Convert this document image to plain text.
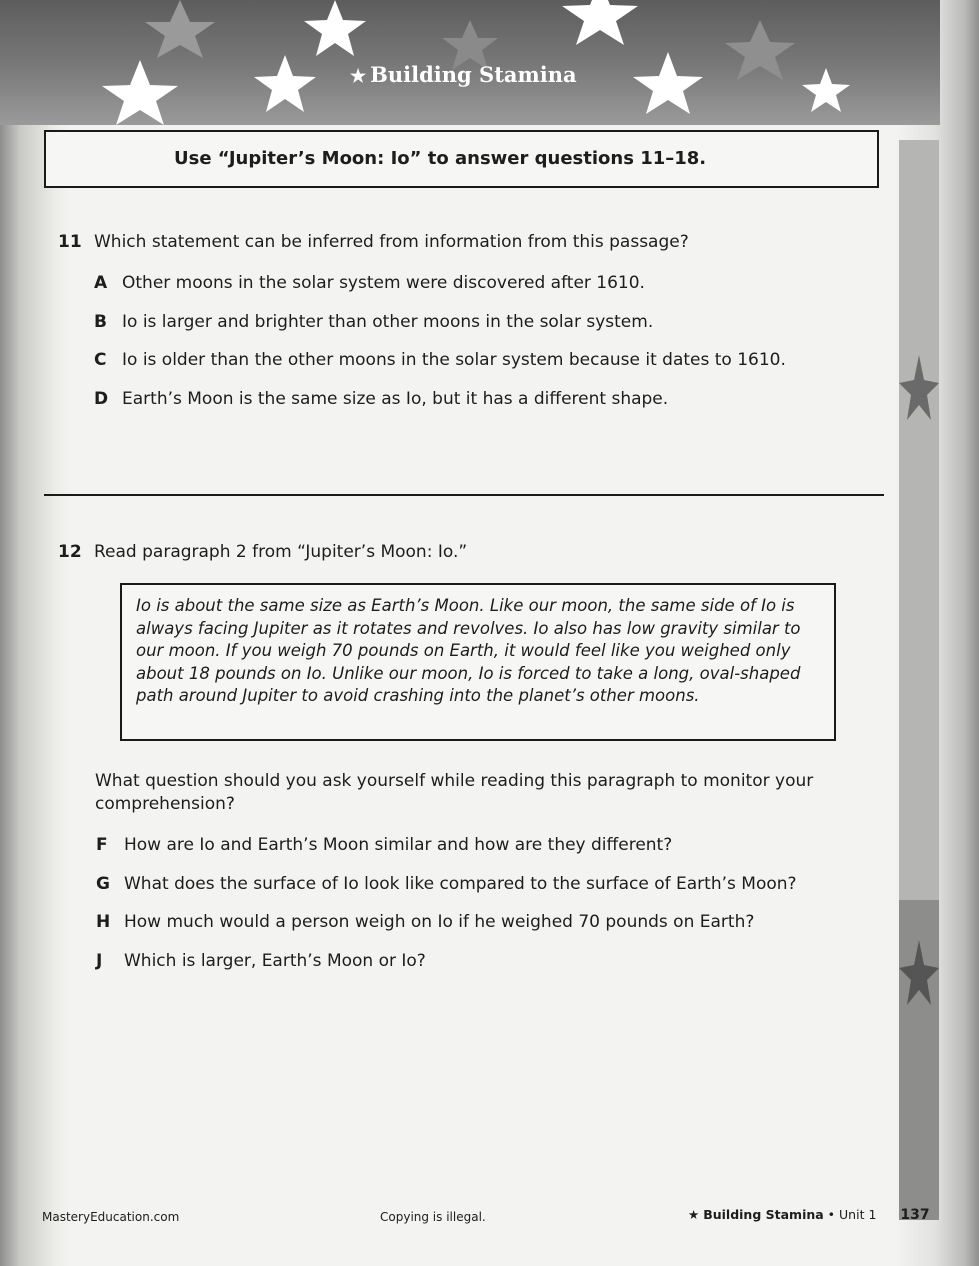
★ Building Stamina
Use “Jupiter’s Moon: Io” to answer questions 11–18.
11 Which statement can be inferred from information from this passage?
A Other moons in the solar system were discovered after 1610.
B Io is larger and brighter than other moons in the solar system.
C Io is older than the other moons in the solar system because it dates to 1610.
D Earth’s Moon is the same size as Io, but it has a different shape.
12 Read paragraph 2 from “Jupiter’s Moon: Io.”
Io is about the same size as Earth’s Moon. Like our moon, the same side of Io is always facing Jupiter as it rotates and revolves. Io also has low gravity similar to our moon. If you weigh 70 pounds on Earth, it would feel like you weighed only about 18 pounds on Io. Unlike our moon, Io is forced to take a long, oval-shaped path around Jupiter to avoid crashing into the planet’s other moons.
What question should you ask yourself while reading this paragraph to monitor your comprehension?
F How are Io and Earth’s Moon similar and how are they different?
G What does the surface of Io look like compared to the surface of Earth’s Moon?
H How much would a person weigh on Io if he weighed 70 pounds on Earth?
J Which is larger, Earth’s Moon or Io?
MasteryEducation.com	Copying is illegal.	★ Building Stamina • Unit 1 137
